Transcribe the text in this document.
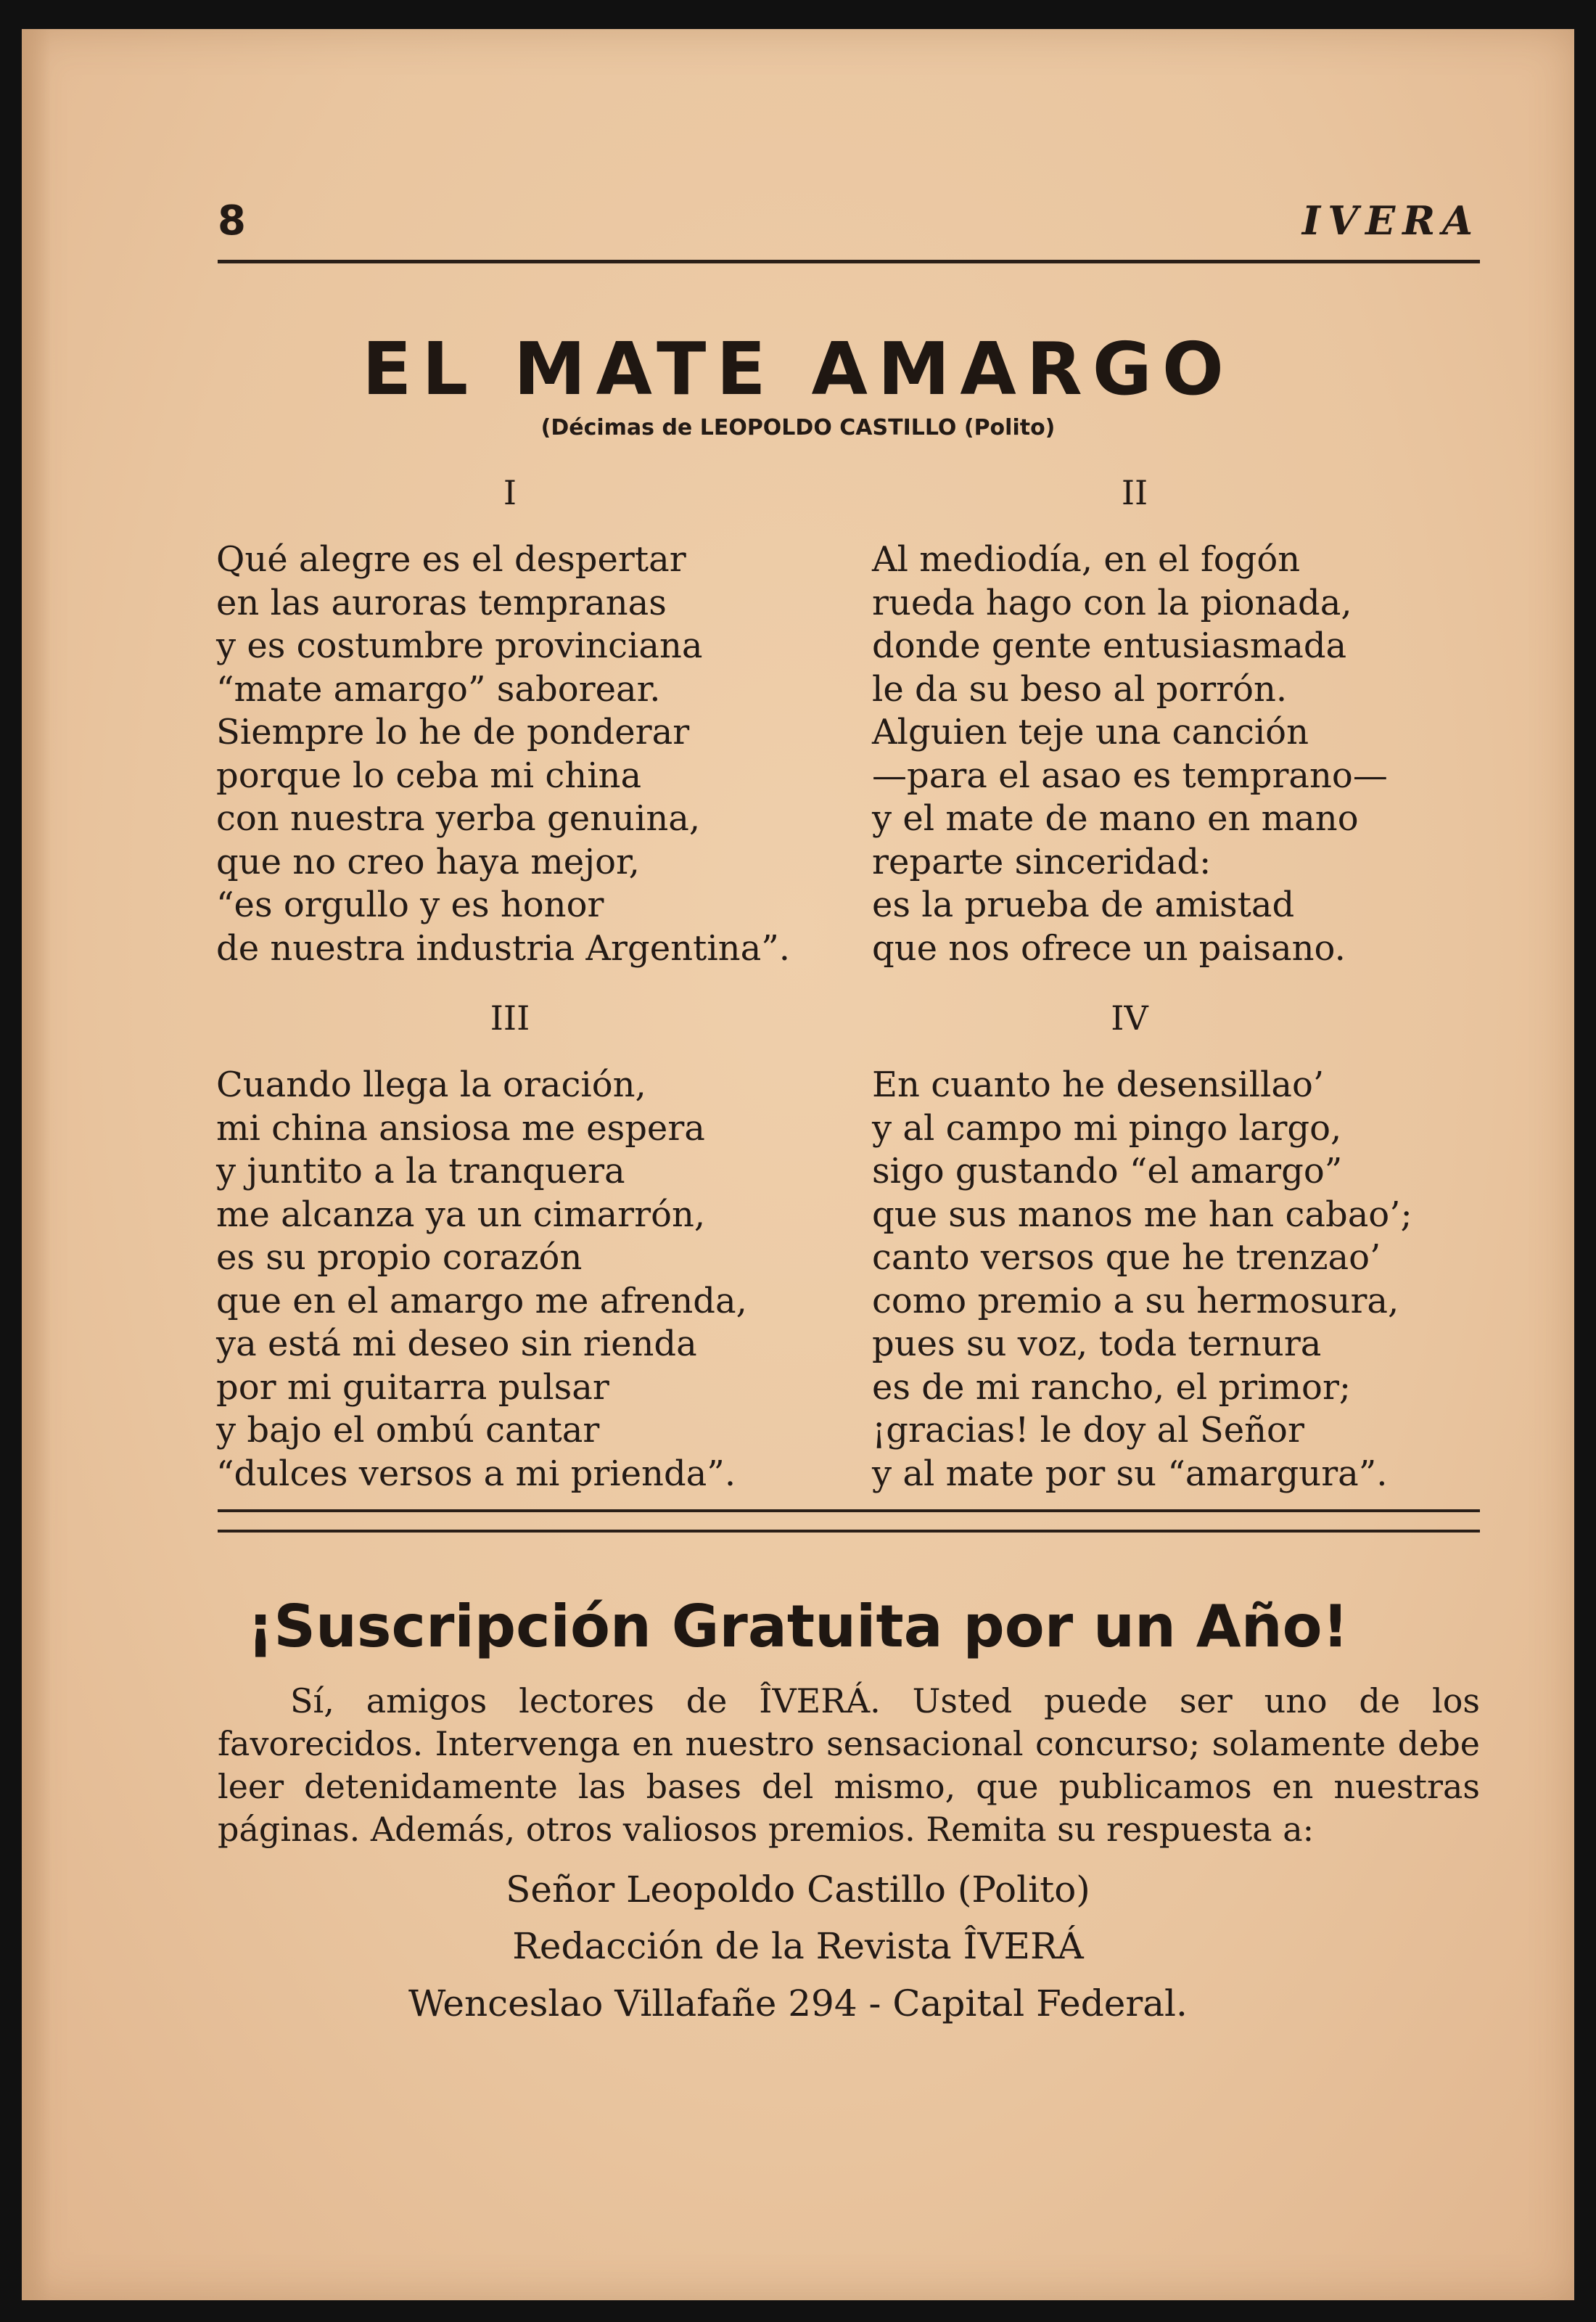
8	IVERA
EL MATE AMARGO
(Décimas de LEOPOLDO CASTILLO (Polito)
I
Qué alegre es el despertar
en las auroras tempranas
y es costumbre provinciana
“mate amargo” saborear.
Siempre lo he de ponderar
porque lo ceba mi china
con nuestra yerba genuina,
que no creo haya mejor,
“es orgullo y es honor
de nuestra industria Argentina”.
II
Al mediodía, en el fogón
rueda hago con la pionada,
donde gente entusiasmada
le da su beso al porrón.
Alguien teje una canción
—para el asao es temprano—
y el mate de mano en mano
reparte sinceridad:
es la prueba de amistad
que nos ofrece un paisano.
III
Cuando llega la oración,
mi china ansiosa me espera
y juntito a la tranquera
me alcanza ya un cimarrón,
es su propio corazón
que en el amargo me afrenda,
ya está mi deseo sin rienda
por mi guitarra pulsar
y bajo el ombú cantar
“dulces versos a mi prienda”.
IV
En cuanto he desensillao’
y al campo mi pingo largo,
sigo gustando “el amargo”
que sus manos me han cabao’;
canto versos que he trenzao’
como premio a su hermosura,
pues su voz, toda ternura
es de mi rancho, el primor;
¡gracias! le doy al Señor
y al mate por su “amargura”.
¡Suscripción Gratuita por un Año!

Sí, amigos lectores de ÎVERÁ. Usted puede ser uno de los favorecidos. Intervenga en nuestro sensacional concurso; solamente debe leer detenidamente las bases del mismo, que publicamos en nuestras páginas. Además, otros valiosos premios. Remita su respuesta a:

Señor Leopoldo Castillo (Polito)
Redacción de la Revista ÎVERÁ
Wenceslao Villafañe 294 - Capital Federal.
